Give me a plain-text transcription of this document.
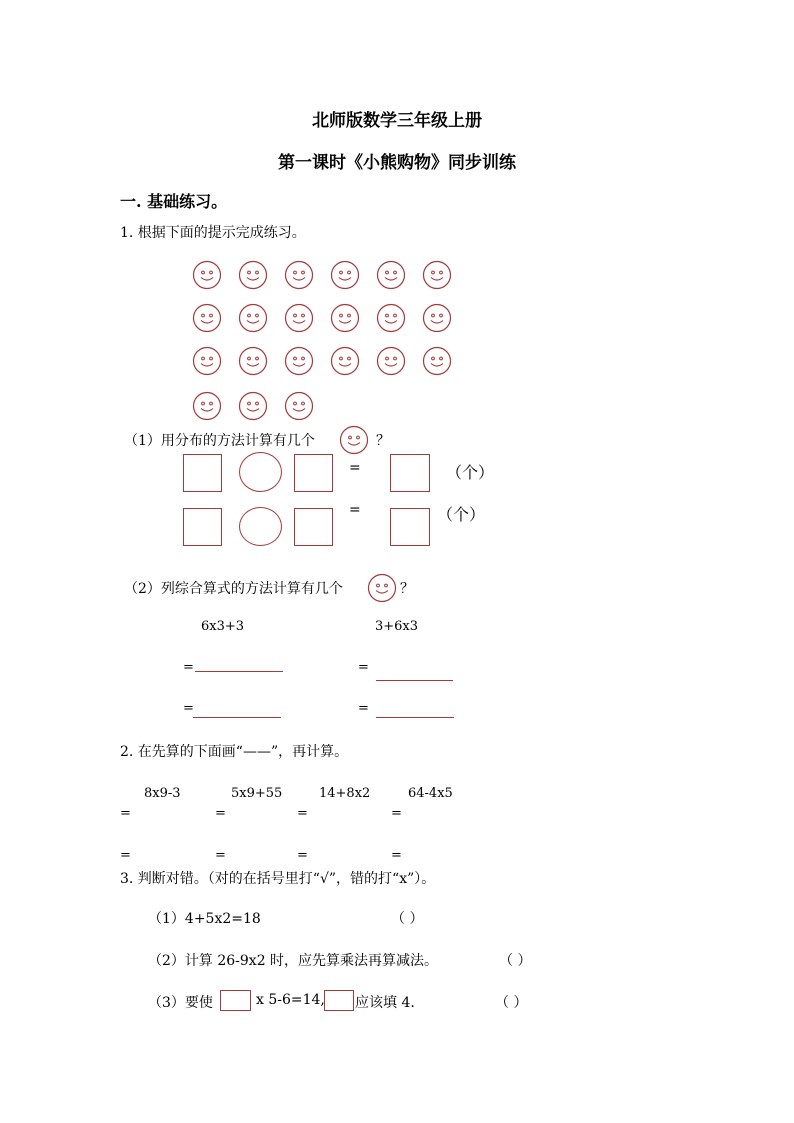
北师版数学三年级上册
第一课时《小熊购物》同步训练
一. 基础练习。
1. 根据下面的提示完成练习。
（1）用分布的方法计算有几个	？
=	（个）
=	（个）
（2）列综合算式的方法计算有几个	？
6x3+3	3+6x3
=	=
=	=
2. 在先算的下面画“——”，再计算。
8x9-3	5x9+55	14+8x2	64-4x5
=	=	=	=
=	=	=	=
3. 判断对错。（对的在括号里打“√”，错的打“x”）。
（1）4+5x2=18	（ ）
（2）计算 26-9x2 时，应先算乘法再算减法。	（ ）
（3）要使	x 5-6=14, 应该填 4.	（ ）
